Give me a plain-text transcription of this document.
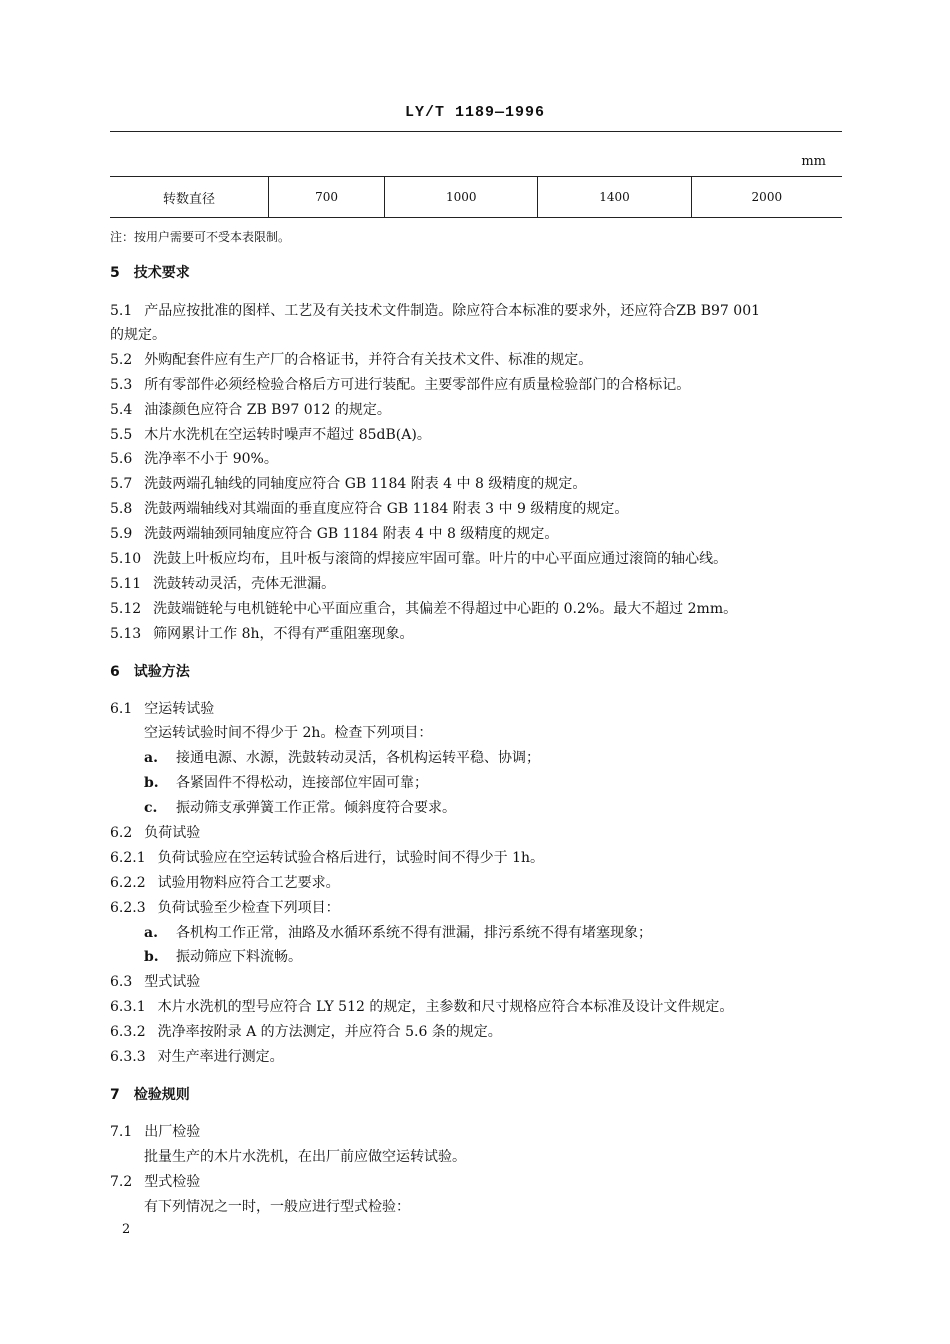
LY/T 1189—1996
mm
转数直径	700	1000	1400	2000
注：按用户需要可不受本表限制。
5 技术要求
5.1 产品应按批准的图样、工艺及有关技术文件制造。除应符合本标准的要求外，还应符合ZB B97 001
的规定。
5.2 外购配套件应有生产厂的合格证书，并符合有关技术文件、标准的规定。
5.3 所有零部件必须经检验合格后方可进行装配。主要零部件应有质量检验部门的合格标记。
5.4 油漆颜色应符合 ZB B97 012 的规定。
5.5 木片水洗机在空运转时噪声不超过 85dB(A)。
5.6 洗净率不小于 90%。
5.7 洗鼓两端孔轴线的同轴度应符合 GB 1184 附表 4 中 8 级精度的规定。
5.8 洗鼓两端轴线对其端面的垂直度应符合 GB 1184 附表 3 中 9 级精度的规定。
5.9 洗鼓两端轴颈同轴度应符合 GB 1184 附表 4 中 8 级精度的规定。
5.10 洗鼓上叶板应均布，且叶板与滚筒的焊接应牢固可靠。叶片的中心平面应通过滚筒的轴心线。
5.11 洗鼓转动灵活，壳体无泄漏。
5.12 洗鼓端链轮与电机链轮中心平面应重合，其偏差不得超过中心距的 0.2%。最大不超过 2mm。
5.13 筛网累计工作 8h，不得有严重阻塞现象。
6 试验方法
6.1 空运转试验
空运转试验时间不得少于 2h。检查下列项目：
a. 接通电源、水源，洗鼓转动灵活，各机构运转平稳、协调；
b. 各紧固件不得松动，连接部位牢固可靠；
c. 振动筛支承弹簧工作正常。倾斜度符合要求。
6.2 负荷试验
6.2.1 负荷试验应在空运转试验合格后进行，试验时间不得少于 1h。
6.2.2 试验用物料应符合工艺要求。
6.2.3 负荷试验至少检查下列项目：
a. 各机构工作正常，油路及水循环系统不得有泄漏，排污系统不得有堵塞现象；
b. 振动筛应下料流畅。
6.3 型式试验
6.3.1 木片水洗机的型号应符合 LY 512 的规定，主参数和尺寸规格应符合本标准及设计文件规定。
6.3.2 洗净率按附录 A 的方法测定，并应符合 5.6 条的规定。
6.3.3 对生产率进行测定。
7 检验规则
7.1 出厂检验
批量生产的木片水洗机，在出厂前应做空运转试验。
7.2 型式检验
有下列情况之一时，一般应进行型式检验：
2
